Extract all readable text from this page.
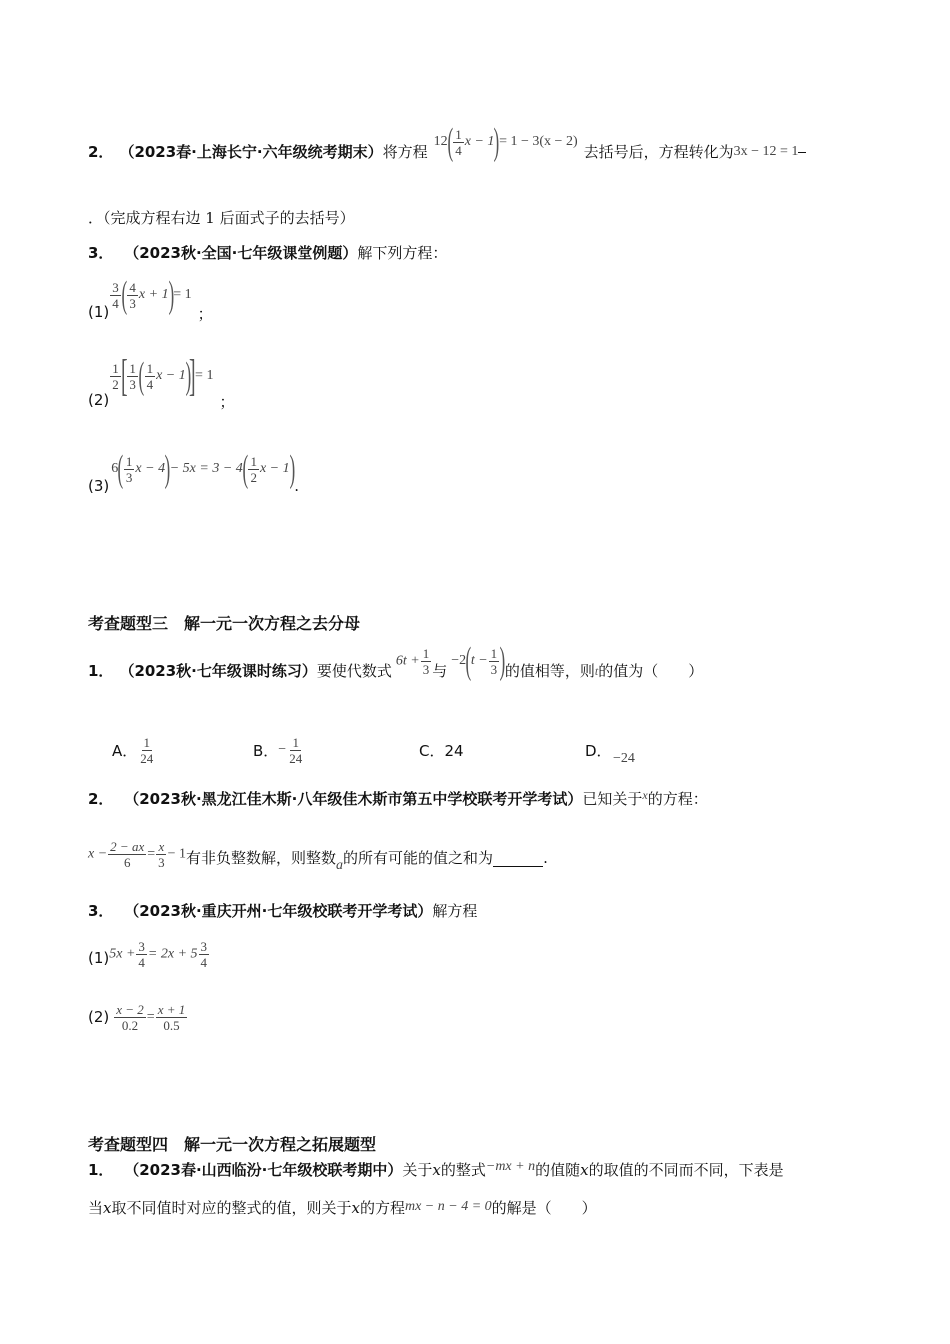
2． （2023春·上海长宁·六年级统考期末） 将方程
$12( \frac{1}{4}$ x − 1)= 1 − 3(x − 2)
去括号后，方程转化为 3x − 12 = 1
．（完成方程右边 1 后面式子的去括号）
3． （2023秋·全国·七年级课堂例题）解下列方程：
(1)
$\frac{3}{4}$ ( $\frac{4}{3}$ x + 1)= 1
；
(2)
$\frac{1}{2}$ [ $\frac{1}{3}$ ( $\frac{1}{4}$ x − 1)]= 1
；
(3)
$6( \frac{1}{3}$ $x - 4)- 5x = 3 - 4( \frac{1}{2}$ x − 1) .
考查题型三　解一元一次方程之去分母
1． （2023秋·七年级课时练习） 要使代数式
$6t + \frac{1}{3}$ 与
$-2(t - \frac{1}{3}$ ) 的值相等，则 t 的值为（　　）
A． $\frac{1}{24}$	B． − $\frac{1}{24}$	C．24	D． −24
2． （2023秋·黑龙江佳木斯·八年级佳木斯市第五中学校联考开学考试）已知关于$^x$的方程：
$x - \frac{2 - ax}{6} = \frac{x}{3} - 1$ 有非负整数解，则整数 a 的所有可能的值之和为	.
3． （2023秋·重庆开州·七年级校联考开学考试）解方程
(1) $5x + \frac{3}{4} = 2x + 5 \frac{3}{4}$
$(2) \frac{x - 2}{0.2} = \frac{x + 1}{0.5}$
考查题型四　解一元一次方程之拓展题型
1． （2023春·山西临汾·七年级校联考期中）关于x的整式−mx + n的值随x的取值的不同而不同，下表是
当x取不同值时对应的整式的值，则关于x的方程mx − n − 4 = 0的解是（　　）
